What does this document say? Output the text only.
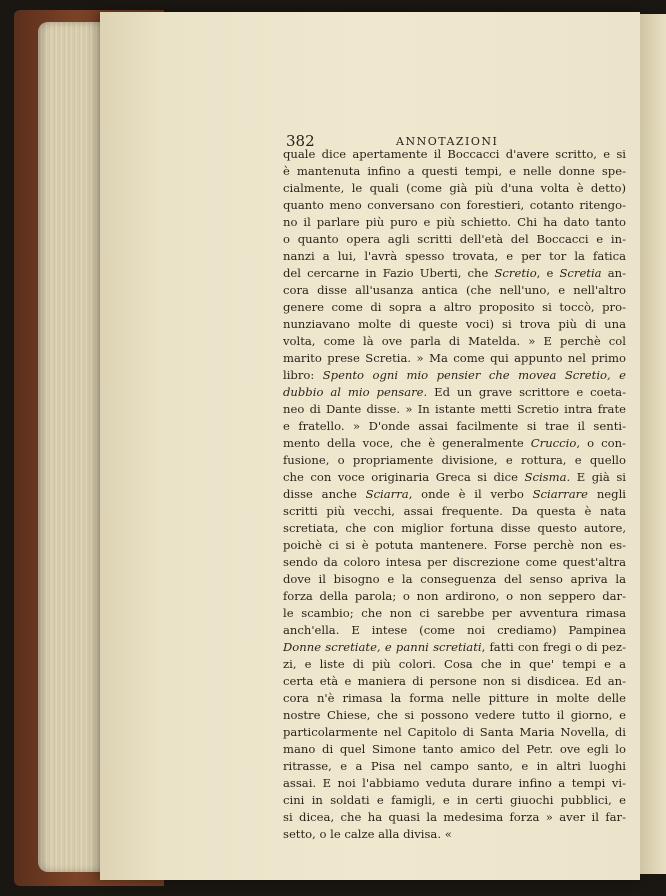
382	ANNOTAZIONI
quale dice apertamente il Boccacci d'avere scritto, e si
è mantenuta infino a questi tempi, e nelle donne spe-
cialmente, le quali (come già più d'una volta è detto)
quanto meno conversano con forestieri, cotanto ritengo-
no il parlare più puro e più schietto. Chi ha dato tanto
o quanto opera agli scritti dell'età del Boccacci e in-
nanzi a lui, l'avrà spesso trovata, e per tor la fatica
del cercarne in Fazio Uberti, che Scretio, e Scretia an-
cora disse all'usanza antica (che nell'uno, e nell'altro
genere come di sopra a altro proposito si toccò, pro-
nunziavano molte di queste voci) si trova più di una
volta, come là ove parla di Matelda. » E perchè col
marito prese Scretia. » Ma come qui appunto nel primo
libro: Spento ogni mio pensier che movea Scretio, e
dubbio al mio pensare. Ed un grave scrittore e coeta-
neo di Dante disse. » In istante metti Scretio intra frate
e fratello. » D'onde assai facilmente si trae il senti-
mento della voce, che è generalmente Cruccio, o con-
fusione, o propriamente divisione, e rottura, e quello
che con voce originaria Greca si dice Scisma. E già si
disse anche Sciarra, onde è il verbo Sciarrare negli
scritti più vecchi, assai frequente. Da questa è nata
scretiata, che con miglior fortuna disse questo autore,
poichè ci si è potuta mantenere. Forse perchè non es-
sendo da coloro intesa per discrezione come quest'altra
dove il bisogno e la conseguenza del senso apriva la
forza della parola; o non ardirono, o non seppero dar-
le scambio; che non ci sarebbe per avventura rimasa
anch'ella. E intese (come noi crediamo) Pampinea
Donne scretiate, e panni scretiati, fatti con fregi o di pez-
zi, e liste di più colori. Cosa che in que' tempi e a
certa età e maniera di persone non si disdicea. Ed an-
cora n'è rimasa la forma nelle pitture in molte delle
nostre Chiese, che si possono vedere tutto il giorno, e
particolarmente nel Capitolo di Santa Maria Novella, di
mano di quel Simone tanto amico del Petr. ove egli lo
ritrasse, e a Pisa nel campo santo, e in altri luoghi
assai. E noi l'abbiamo veduta durare infino a tempi vi-
cini in soldati e famigli, e in certi giuochi pubblici, e
si dicea, che ha quasi la medesima forza » aver il far-
setto, o le calze alla divisa. «
